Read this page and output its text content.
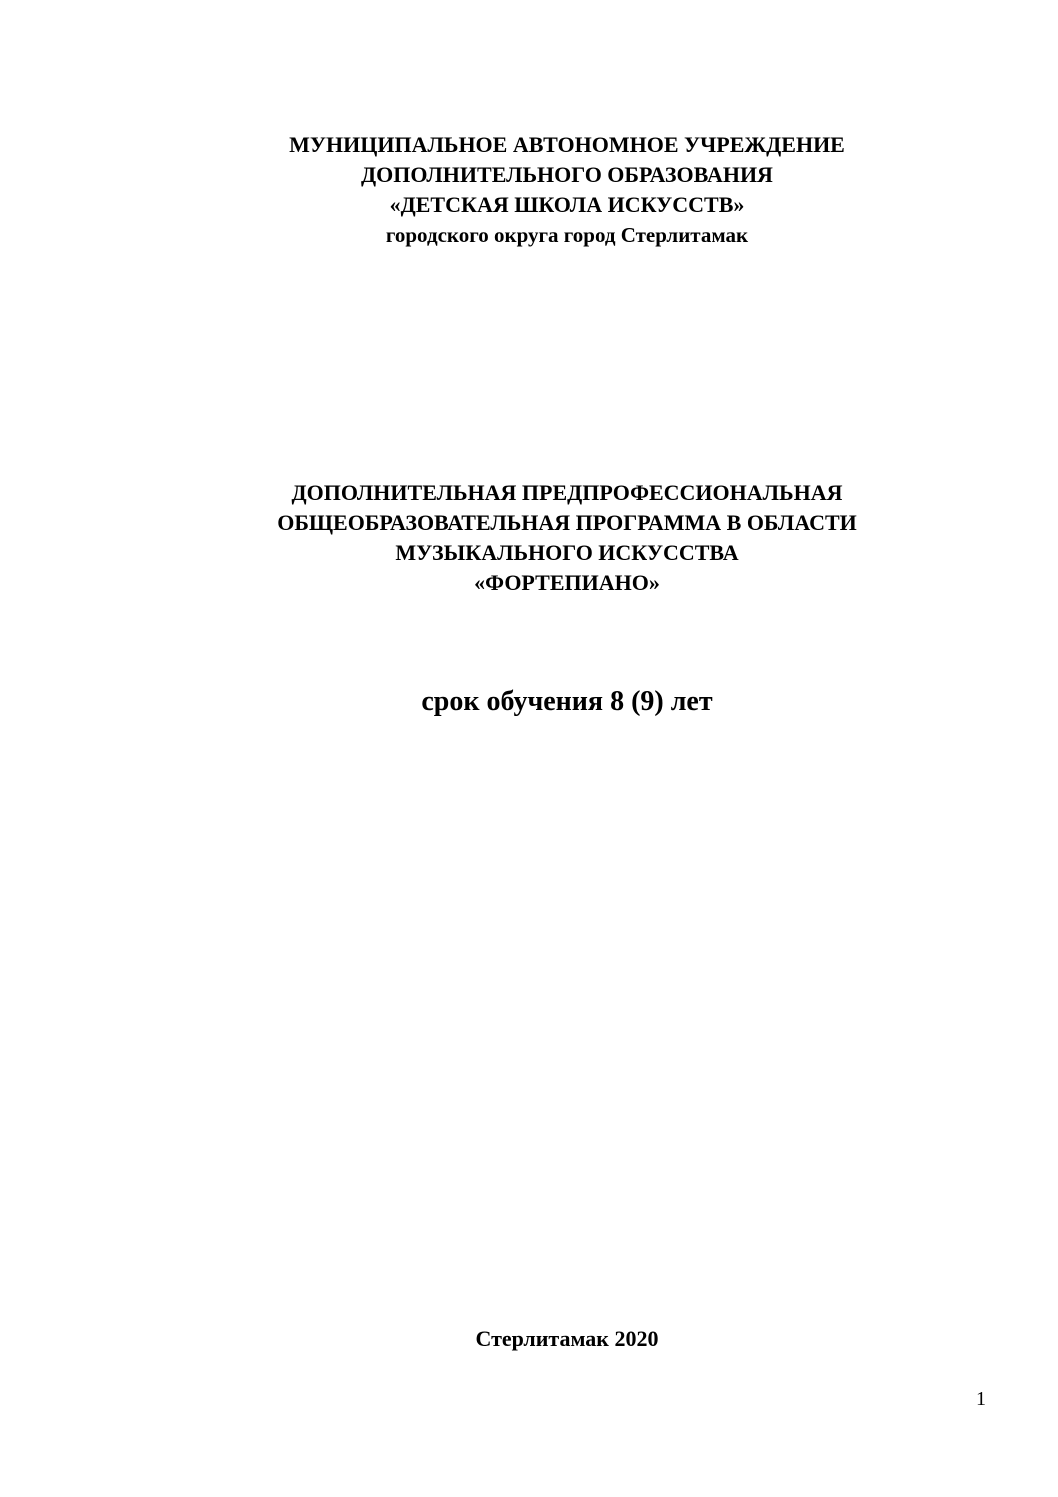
МУНИЦИПАЛЬНОЕ АВТОНОМНОЕ УЧРЕЖДЕНИЕ
ДОПОЛНИТЕЛЬНОГО ОБРАЗОВАНИЯ
«ДЕТСКАЯ ШКОЛА ИСКУССТВ»
городского округа город Стерлитамак
ДОПОЛНИТЕЛЬНАЯ ПРЕДПРОФЕССИОНАЛЬНАЯ
ОБЩЕОБРАЗОВАТЕЛЬНАЯ ПРОГРАММА В ОБЛАСТИ
МУЗЫКАЛЬНОГО ИСКУССТВА
«ФОРТЕПИАНО»
срок обучения 8 (9) лет
Стерлитамак 2020
1
